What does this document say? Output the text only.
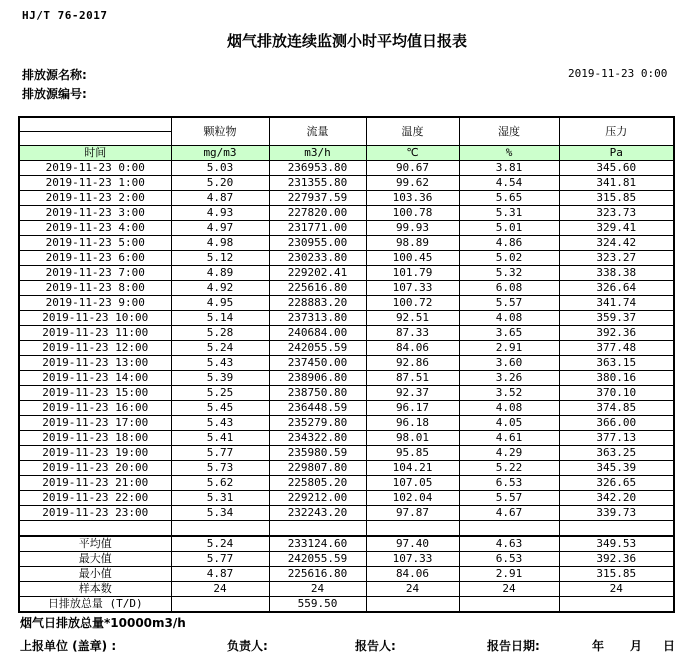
HJ/T 76-2017
烟气排放连续监测小时平均值日报表
排放源名称:
排放源编号:
2019-11-23 0:00
	颗粒物	流量	温度	湿度	压力

时间	mg/m3	m3/h	℃	%	Pa
2019-11-23 0:00	5.03	236953.80	90.67	3.81	345.60
2019-11-23 1:00	5.20	231355.80	99.62	4.54	341.81
2019-11-23 2:00	4.87	227937.59	103.36	5.65	315.85
2019-11-23 3:00	4.93	227820.00	100.78	5.31	323.73
2019-11-23 4:00	4.97	231771.00	99.93	5.01	329.41
2019-11-23 5:00	4.98	230955.00	98.89	4.86	324.42
2019-11-23 6:00	5.12	230233.80	100.45	5.02	323.27
2019-11-23 7:00	4.89	229202.41	101.79	5.32	338.38
2019-11-23 8:00	4.92	225616.80	107.33	6.08	326.64
2019-11-23 9:00	4.95	228883.20	100.72	5.57	341.74
2019-11-23 10:00	5.14	237313.80	92.51	4.08	359.37
2019-11-23 11:00	5.28	240684.00	87.33	3.65	392.36
2019-11-23 12:00	5.24	242055.59	84.06	2.91	377.48
2019-11-23 13:00	5.43	237450.00	92.86	3.60	363.15
2019-11-23 14:00	5.39	238906.80	87.51	3.26	380.16
2019-11-23 15:00	5.25	238750.80	92.37	3.52	370.10
2019-11-23 16:00	5.45	236448.59	96.17	4.08	374.85
2019-11-23 17:00	5.43	235279.80	96.18	4.05	366.00
2019-11-23 18:00	5.41	234322.80	98.01	4.61	377.13
2019-11-23 19:00	5.77	235980.59	95.85	4.29	363.25
2019-11-23 20:00	5.73	229807.80	104.21	5.22	345.39
2019-11-23 21:00	5.62	225805.20	107.05	6.53	326.65
2019-11-23 22:00	5.31	229212.00	102.04	5.57	342.20
2019-11-23 23:00	5.34	232243.20	97.87	4.67	339.73

平均值	5.24	233124.60	97.40	4.63	349.53
最大值	5.77	242055.59	107.33	6.53	392.36
最小值	4.87	225616.80	84.06	2.91	315.85
样本数	24	24	24	24	24
日排放总量 (T/D)		559.50			
烟气日排放总量*10000m3/h
上报单位 (盖章) :	负责人:	报告人:	报告日期:	年 月 日
